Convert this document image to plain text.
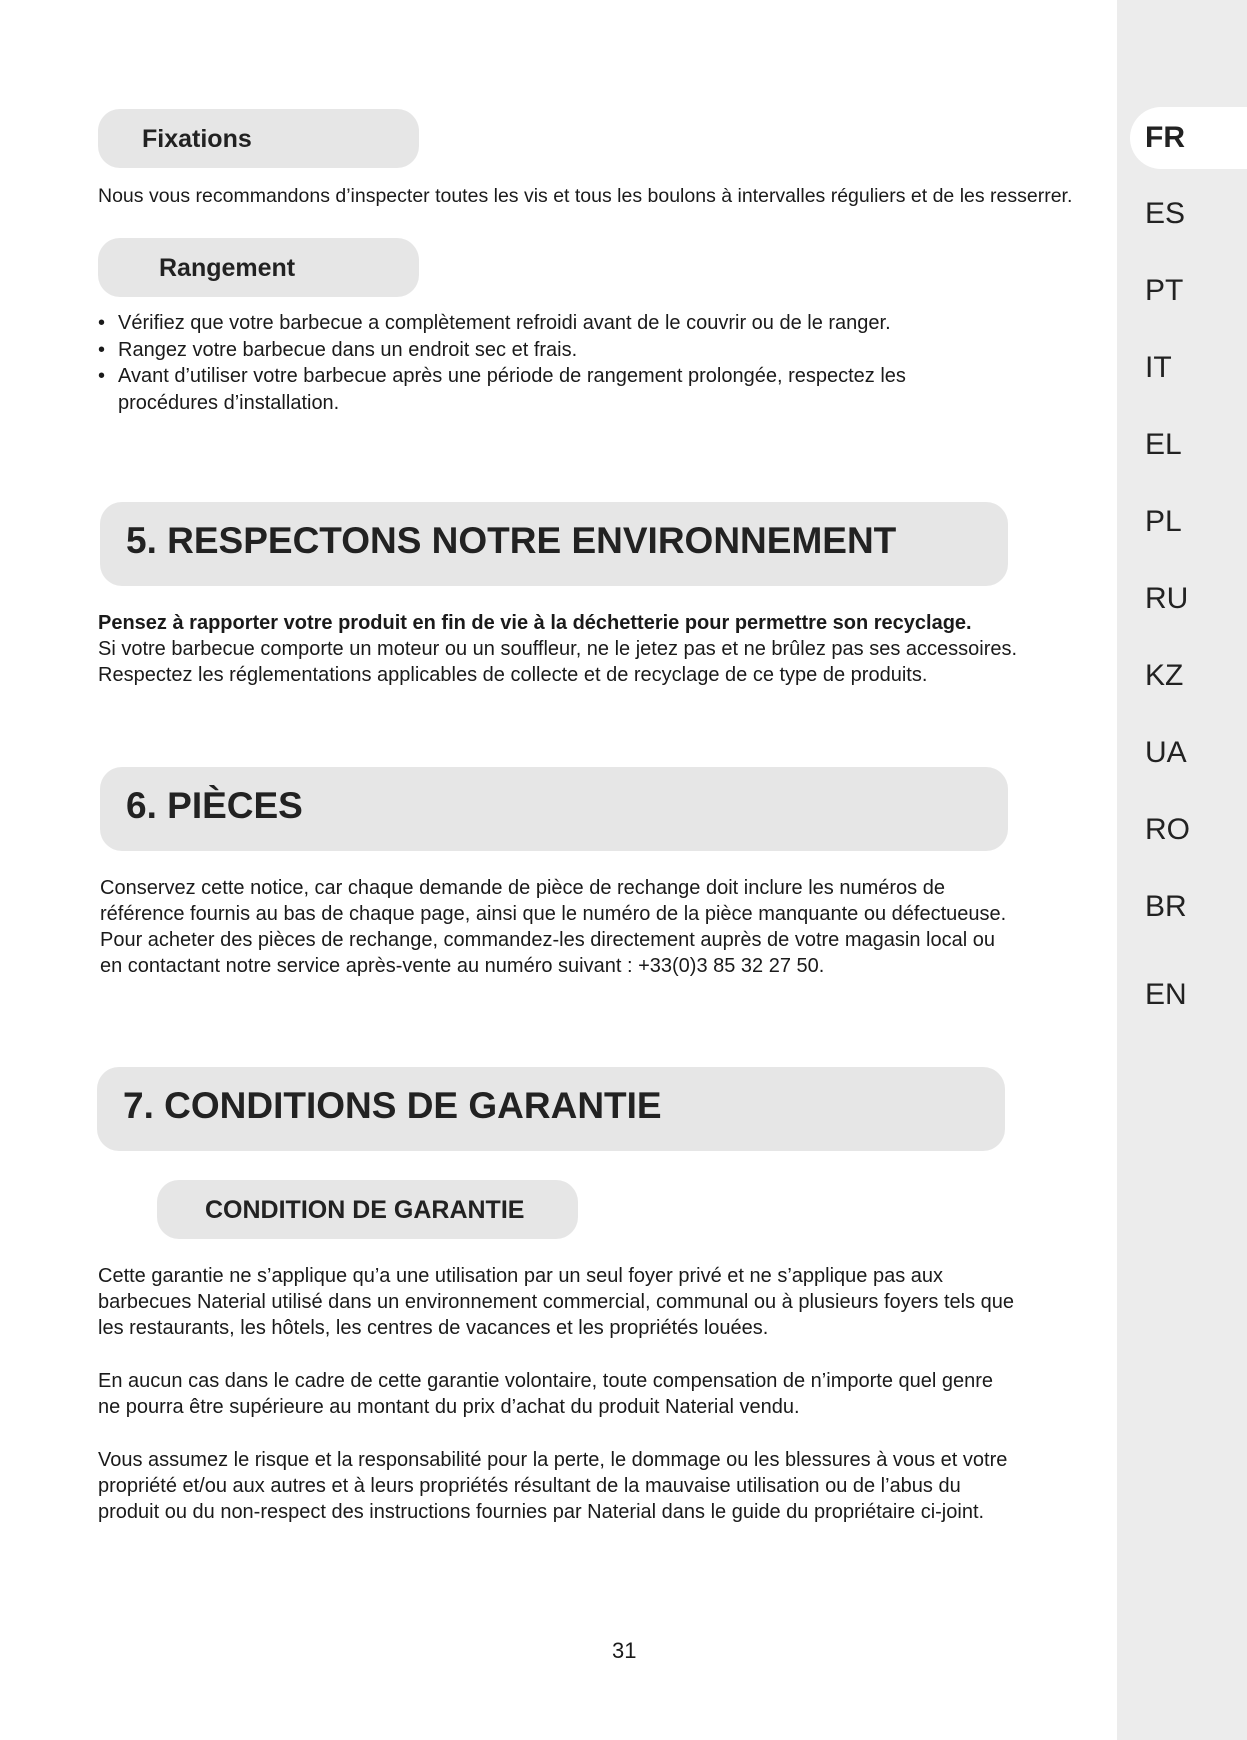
FR
ES
PT
IT
EL
PL
RU
KZ
UA
RO
BR
EN
Fixations

Nous vous recommandons d’inspecter toutes les vis et tous les boulons à intervalles réguliers et de les resserrer.

Rangement
• Vérifiez que votre barbecue a complètement refroidi avant de le couvrir ou de le ranger.
• Rangez votre barbecue dans un endroit sec et frais.
• Avant d’utiliser votre barbecue après une période de rangement prolongée, respectez les procédures d’installation.
5. RESPECTONS NOTRE ENVIRONNEMENT

Pensez à rapporter votre produit en fin de vie à la déchetterie pour permettre son recyclage.

Si votre barbecue comporte un moteur ou un souffleur, ne le jetez pas et ne brûlez pas ses accessoires.

Respectez les réglementations applicables de collecte et de recyclage de ce type de produits.

6. PIÈCES

Conservez cette notice, car chaque demande de pièce de rechange doit inclure les numéros de

référence fournis au bas de chaque page, ainsi que le numéro de la pièce manquante ou défectueuse.

Pour acheter des pièces de rechange, commandez-les directement auprès de votre magasin local ou

en contactant notre service après-vente au numéro suivant : +33(0)3 85 32 27 50.

7. CONDITIONS DE GARANTIE
CONDITION DE GARANTIE

Cette garantie ne s’applique qu’a une utilisation par un seul foyer privé et ne s’applique pas aux

barbecues Naterial utilisé dans un environnement commercial, communal ou à plusieurs foyers tels que

les restaurants, les hôtels, les centres de vacances et les propriétés louées.

En aucun cas dans le cadre de cette garantie volontaire, toute compensation de n’importe quel genre

ne pourra être supérieure au montant du prix d’achat du produit Naterial vendu.

Vous assumez le risque et la responsabilité pour la perte, le dommage ou les blessures à vous et votre

propriété et/ou aux autres et à leurs propriétés résultant de la mauvaise utilisation ou de l’abus du

produit ou du non-respect des instructions fournies par Naterial dans le guide du propriétaire ci-joint.

31
